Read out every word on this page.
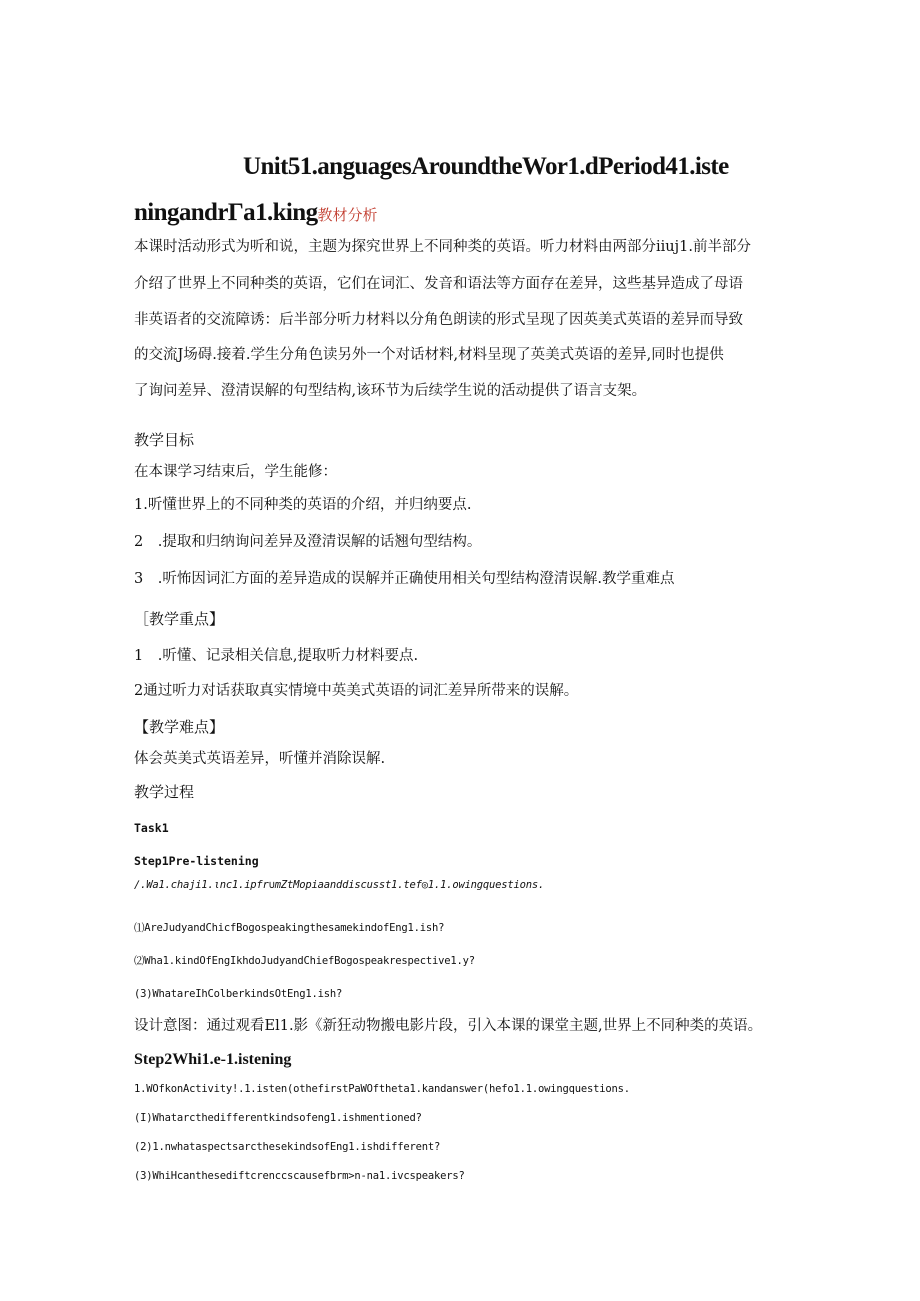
Unit51.anguagesAroundtheWor1.dPeriod41.iste
ningandrΓa1.king教材分析
本课时活动形式为听和说，主题为探究世界上不同种类的英语。听力材料由两部分iiuj1.前半部分
介绍了世界上不同种类的英语，它们在词汇、发音和语法等方面存在差异，这些基异造成了母语
非英语者的交流障诱：后半部分听力材料以分角色朗读的形式呈现了因英美式英语的差异而导致
的交流J场碍.接着.学生分角色读另外一个对话材料,材料呈现了英美式英语的差异,同时也提供
了询问差异、澄清误解的句型结构,该环节为后续学生说的活动提供了语言支架。
教学目标
在本课学习结束后，学生能修：
1.听懂世界上的不同种类的英语的介绍，并归纳要点.
2　.提取和归纳询问差异及澄清误解的话翘句型结构。
3　.听怖因词汇方面的差异造成的误解并正确使用相关句型结构澄清误解.教学重难点
［教学重点】
1　.听懂、记录相关信息,提取听力材料要点.
2通过听力对话获取真实情境中英美式英语的词汇差异所带来的误解。
【教学难点】
体会英美式英语差异，听懂并消除误解.
教学过程
Task1
Step1Pre-listening
∕.Wa1.chaji1.ιnc1.ipfr∪mZtMopiaanddiscusst1.tef◎1.1.owingquestions.
⑴AreJudyandChicfBogospeakingthesamekindofEng1.ish?
⑵Wha1.kindOfEngIkhdoJudyandChiefBogospeakrespective1.y?
(3)WhatareIhColberkindsOtEng1.ish?
设计意图：通过观看El1.影《新狂动物搬电影片段，引入本课的课堂主题,世界上不同种类的英语。
Step2Whi1.e-1.istening
1.WOfkonActivity!.1.isten(othefirstPaWOftheta1.kandanswer(hefo1.1.owingquestions.
(I)Whatarcthedifferentkindsofeng1.ishmentioned?
(2)1.nwhataspectsarcthesekindsofEng1.ishdifferent?
(3)WhiHcanthesediftcrenccscausefbrm>n-na1.ivcspeakers?
